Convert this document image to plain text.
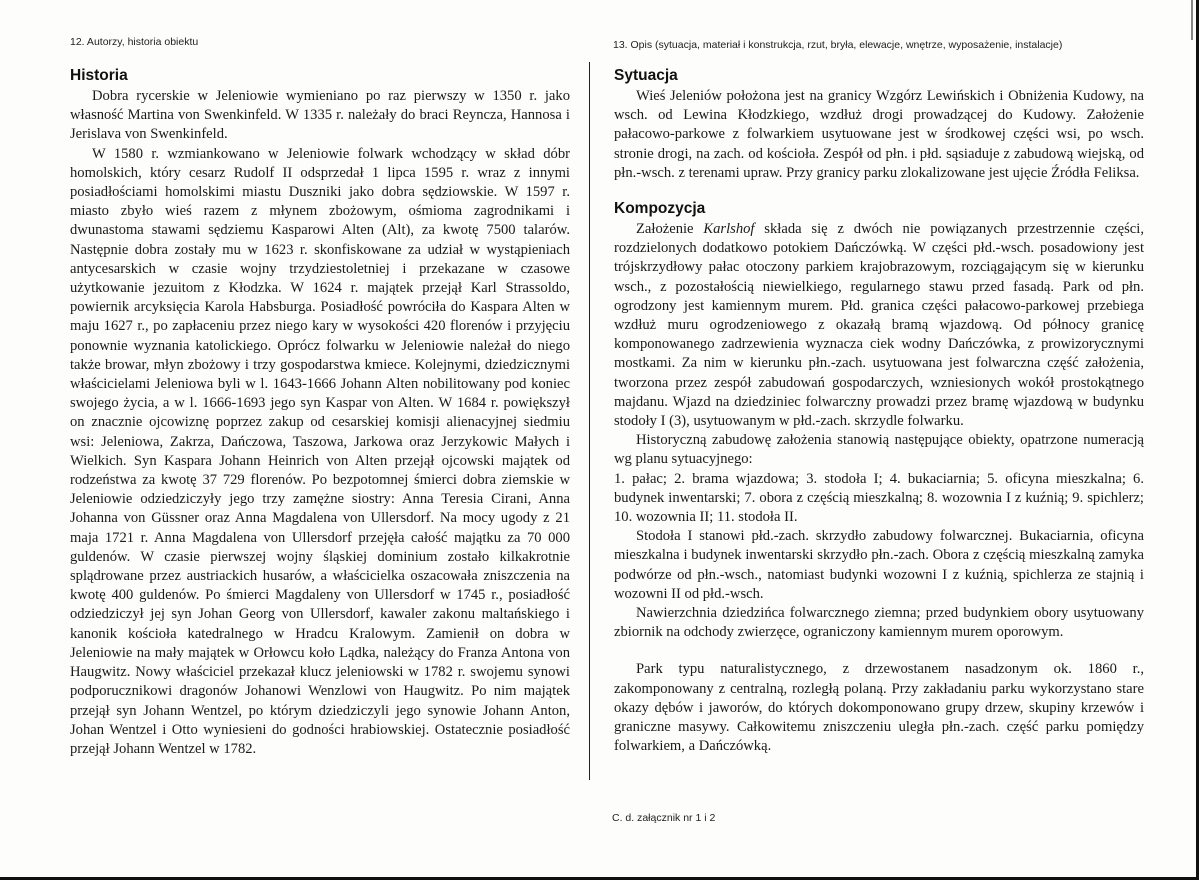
12. Autorzy, historia obiektu	13. Opis (sytuacja, materiał i konstrukcja, rzut, bryła, elewacje, wnętrze, wyposażenie, instalacje)
Historia

Dobra rycerskie w Jeleniowie wymieniano po raz pierwszy w 1350 r. jako własność Martina von Swenkinfeld. W 1335 r. należały do braci Reyncza, Hannosa i Jerislava von Swenkinfeld.

W 1580 r. wzmiankowano w Jeleniowie folwark wchodzący w skład dóbr homolskich, który cesarz Rudolf II odsprzedał 1 lipca 1595 r. wraz z innymi posiadłościami homolskimi miastu Duszniki jako dobra sędziowskie. W 1597 r. miasto zbyło wieś razem z młynem zbożowym, ośmioma zagrodnikami i dwunastoma stawami sędziemu Kasparowi Alten (Alt), za kwotę 7500 talarów. Następnie dobra zostały mu w 1623 r. skonfiskowane za udział w wystąpieniach antycesarskich w czasie wojny trzydziestoletniej i przekazane w czasowe użytkowanie jezuitom z Kłodzka. W 1624 r. majątek przejął Karl Strassoldo, powiernik arcyksięcia Karola Habsburga. Posiadłość powróciła do Kaspara Alten w maju 1627 r., po zapłaceniu przez niego kary w wysokości 420 florenów i przyjęciu ponownie wyznania katolickiego. Oprócz folwarku w Jeleniowie należał do niego także browar, młyn zbożowy i trzy gospodarstwa kmiece. Kolejnymi, dziedzicznymi właścicielami Jeleniowa byli w l. 1643-1666 Johann Alten nobilitowany pod koniec swojego życia, a w l. 1666-1693 jego syn Kaspar von Alten. W 1684 r. powiększył on znacznie ojcowiznę poprzez zakup od cesarskiej komisji alienacyjnej siedmiu wsi: Jeleniowa, Zakrza, Dańczowa, Taszowa, Jarkowa oraz Jerzykowic Małych i Wielkich. Syn Kaspara Johann Heinrich von Alten przejął ojcowski majątek od rodzeństwa za kwotę 37 729 florenów. Po bezpotomnej śmierci dobra ziemskie w Jeleniowie odziedziczyły jego trzy zamężne siostry: Anna Teresia Cirani, Anna Johanna von Güssner oraz Anna Magdalena von Ullersdorf. Na mocy ugody z 21 maja 1721 r. Anna Magdalena von Ullersdorf przejęła całość majątku za 70 000 guldenów. W czasie pierwszej wojny śląskiej dominium zostało kilkakrotnie splądrowane przez austriackich husarów, a właścicielka oszacowała zniszczenia na kwotę 400 guldenów. Po śmierci Magdaleny von Ullersdorf w 1745 r., posiadłość odziedziczył jej syn Johan Georg von Ullersdorf, kawaler zakonu maltańskiego i kanonik kościoła katedralnego w Hradcu Kralowym. Zamienił on dobra w Jeleniowie na mały majątek w Orłowcu koło Lądka, należący do Franza Antona von Haugwitz. Nowy właściciel przekazał klucz jeleniowski w 1782 r. swojemu synowi podporucznikowi dragonów Johanowi Wenzlowi von Haugwitz. Po nim majątek przejął syn Johann Wentzel, po którym dziedziczyli jego synowie Johann Anton, Johan Wentzel i Otto wyniesieni do godności hrabiowskiej. Ostatecznie posiadłość przejął Johann Wentzel w 1782.

Sytuacja

Wieś Jeleniów położona jest na granicy Wzgórz Lewińskich i Obniżenia Kudowy, na wsch. od Lewina Kłodzkiego, wzdłuż drogi prowadzącej do Kudowy. Założenie pałacowo-parkowe z folwarkiem usytuowane jest w środkowej części wsi, po wsch. stronie drogi, na zach. od kościoła. Zespół od płn. i płd. sąsiaduje z zabudową wiejską, od płn.-wsch. z terenami upraw. Przy granicy parku zlokalizowane jest ujęcie Źródła Feliksa.

Kompozycja

Założenie Karlshof składa się z dwóch nie powiązanych przestrzennie części, rozdzielonych dodatkowo potokiem Dańczówką. W części płd.-wsch. posadowiony jest trójskrzydłowy pałac otoczony parkiem krajobrazowym, rozciągającym się w kierunku wsch., z pozostałością niewielkiego, regularnego stawu przed fasadą. Park od płn. ogrodzony jest kamiennym murem. Płd. granica części pałacowo-parkowej przebiega wzdłuż muru ogrodzeniowego z okazałą bramą wjazdową. Od północy granicę komponowanego zadrzewienia wyznacza ciek wodny Dańczówka, z prowizorycznymi mostkami. Za nim w kierunku płn.-zach. usytuowana jest folwarczna część założenia, tworzona przez zespół zabudowań gospodarczych, wzniesionych wokół prostokątnego majdanu. Wjazd na dziedziniec folwarczny prowadzi przez bramę wjazdową w budynku stodoły I (3), usytuowanym w płd.-zach. skrzydle folwarku.

Historyczną zabudowę założenia stanowią następujące obiekty, opatrzone numeracją wg planu sytuacyjnego:

1. pałac; 2. brama wjazdowa; 3. stodoła I; 4. bukaciarnia; 5. oficyna mieszkalna; 6. budynek inwentarski; 7. obora z częścią mieszkalną; 8. wozownia I z kuźnią; 9. spichlerz; 10. wozownia II; 11. stodoła II.

Stodoła I stanowi płd.-zach. skrzydło zabudowy folwarcznej. Bukaciarnia, oficyna mieszkalna i budynek inwentarski skrzydło płn.-zach. Obora z częścią mieszkalną zamyka podwórze od płn.-wsch., natomiast budynki wozowni I z kuźnią, spichlerza ze stajnią i wozowni II od płd.-wsch.

Nawierzchnia dziedzińca folwarcznego ziemna; przed budynkiem obory usytuowany zbiornik na odchody zwierzęce, ograniczony kamiennym murem oporowym.

Park typu naturalistycznego, z drzewostanem nasadzonym ok. 1860 r., zakomponowany z centralną, rozległą polaną. Przy zakładaniu parku wykorzystano stare okazy dębów i jaworów, do których dokomponowano grupy drzew, skupiny krzewów i graniczne masywy. Całkowitemu zniszczeniu uległa płn.-zach. część parku pomiędzy folwarkiem, a Dańczówką.

C. d. załącznik nr 1 i 2
